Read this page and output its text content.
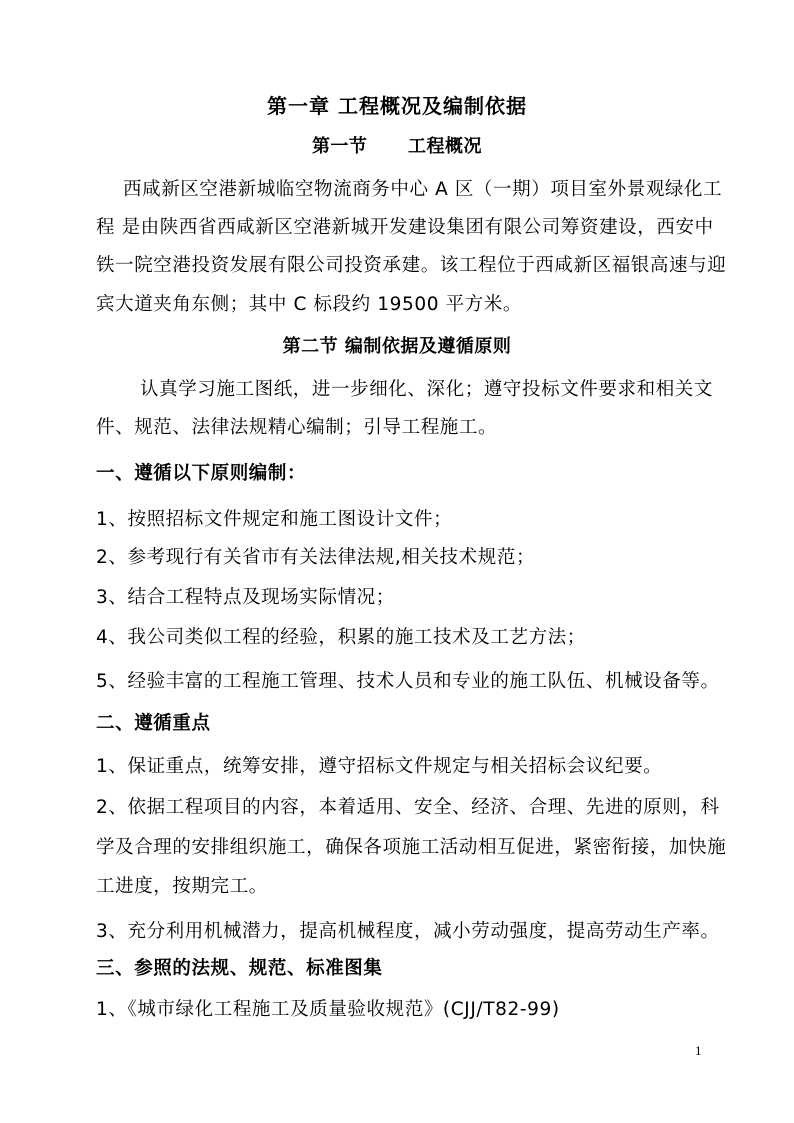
第一章 工程概况及编制依据
第一节      工程概况
西咸新区空港新城临空物流商务中心 A 区（一期）项目室外景观绿化工
程 是由陕西省西咸新区空港新城开发建设集团有限公司筹资建设，西安中
铁一院空港投资发展有限公司投资承建。该工程位于西咸新区福银高速与迎
宾大道夹角东侧；其中 C 标段约 19500 平方米。
第二节 编制依据及遵循原则
认真学习施工图纸，进一步细化、深化；遵守投标文件要求和相关文
件、规范、法律法规精心编制；引导工程施工。
一、遵循以下原则编制：
1、按照招标文件规定和施工图设计文件；
2、参考现行有关省市有关法律法规,相关技术规范；
3、结合工程特点及现场实际情况；
4、我公司类似工程的经验，积累的施工技术及工艺方法；
5、经验丰富的工程施工管理、技术人员和专业的施工队伍、机械设备等。
二、遵循重点
1、保证重点，统筹安排，遵守招标文件规定与相关招标会议纪要。
2、依据工程项目的内容，本着适用、安全、经济、合理、先进的原则，科
学及合理的安排组织施工，确保各项施工活动相互促进，紧密衔接，加快施
工进度，按期完工。
3、充分利用机械潜力，提高机械程度，减小劳动强度，提高劳动生产率。
三、参照的法规、规范、标准图集
1、《城市绿化工程施工及质量验收规范》(CJJ/T82-99)
1
